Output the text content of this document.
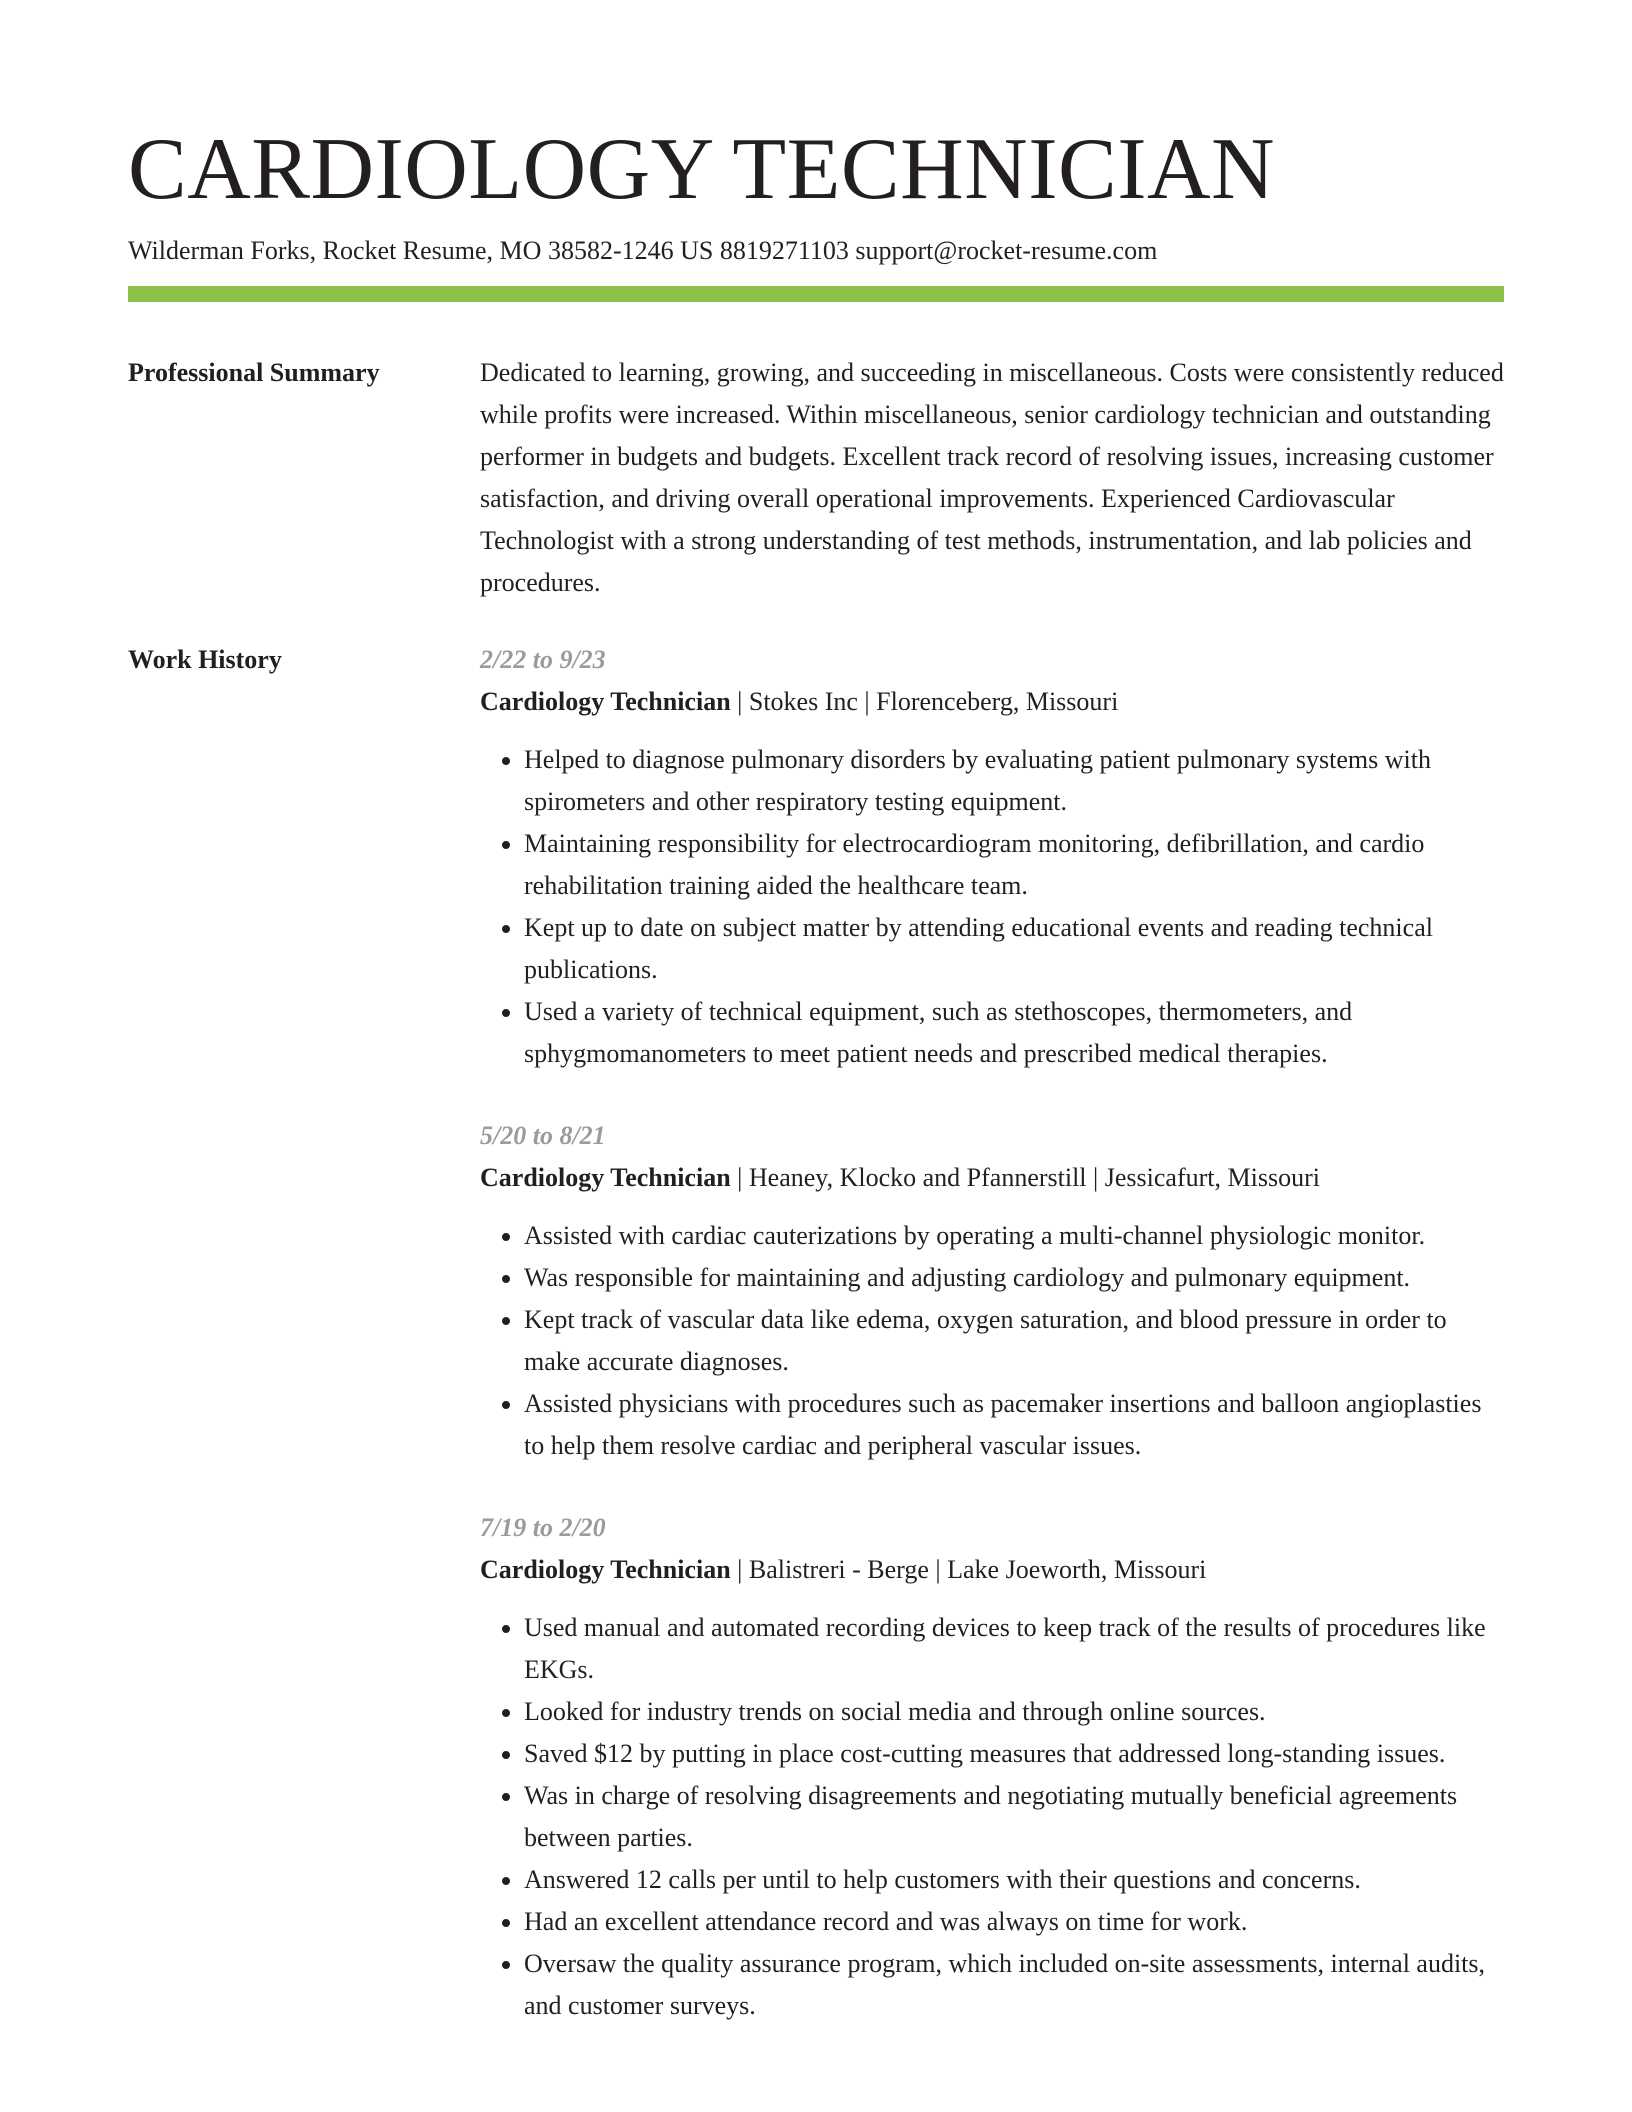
CARDIOLOGY TECHNICIAN
Wilderman Forks, Rocket Resume, MO 38582-1246 US 8819271103 support@rocket-resume.com
Professional Summary	Dedicated to learning, growing, and succeeding in miscellaneous. Costs were consistently reduced while profits were increased. Within miscellaneous, senior cardiology technician and outstanding performer in budgets and budgets. Excellent track record of resolving issues, increasing customer satisfaction, and driving overall operational improvements. Experienced Cardiovascular Technologist with a strong understanding of test methods, instrumentation, and lab policies and procedures.

Work History	2/22 to 9/23
Cardiology Technician | Stokes Inc | Florenceberg, Missouri
• Helped to diagnose pulmonary disorders by evaluating patient pulmonary systems with spirometers and other respiratory testing equipment.
• Maintaining responsibility for electrocardiogram monitoring, defibrillation, and cardio rehabilitation training aided the healthcare team.
• Kept up to date on subject matter by attending educational events and reading technical publications.
• Used a variety of technical equipment, such as stethoscopes, thermometers, and sphygmomanometers to meet patient needs and prescribed medical therapies.
5/20 to 8/21
Cardiology Technician | Heaney, Klocko and Pfannerstill | Jessicafurt, Missouri
• Assisted with cardiac cauterizations by operating a multi-channel physiologic monitor.
• Was responsible for maintaining and adjusting cardiology and pulmonary equipment.
• Kept track of vascular data like edema, oxygen saturation, and blood pressure in order to make accurate diagnoses.
• Assisted physicians with procedures such as pacemaker insertions and balloon angioplasties to help them resolve cardiac and peripheral vascular issues.
7/19 to 2/20
Cardiology Technician | Balistreri - Berge | Lake Joeworth, Missouri
• Used manual and automated recording devices to keep track of the results of procedures like EKGs.
• Looked for industry trends on social media and through online sources.
• Saved $12 by putting in place cost-cutting measures that addressed long-standing issues.
• Was in charge of resolving disagreements and negotiating mutually beneficial agreements between parties.
• Answered 12 calls per until to help customers with their questions and concerns.
• Had an excellent attendance record and was always on time for work.
• Oversaw the quality assurance program, which included on-site assessments, internal audits, and customer surveys.
